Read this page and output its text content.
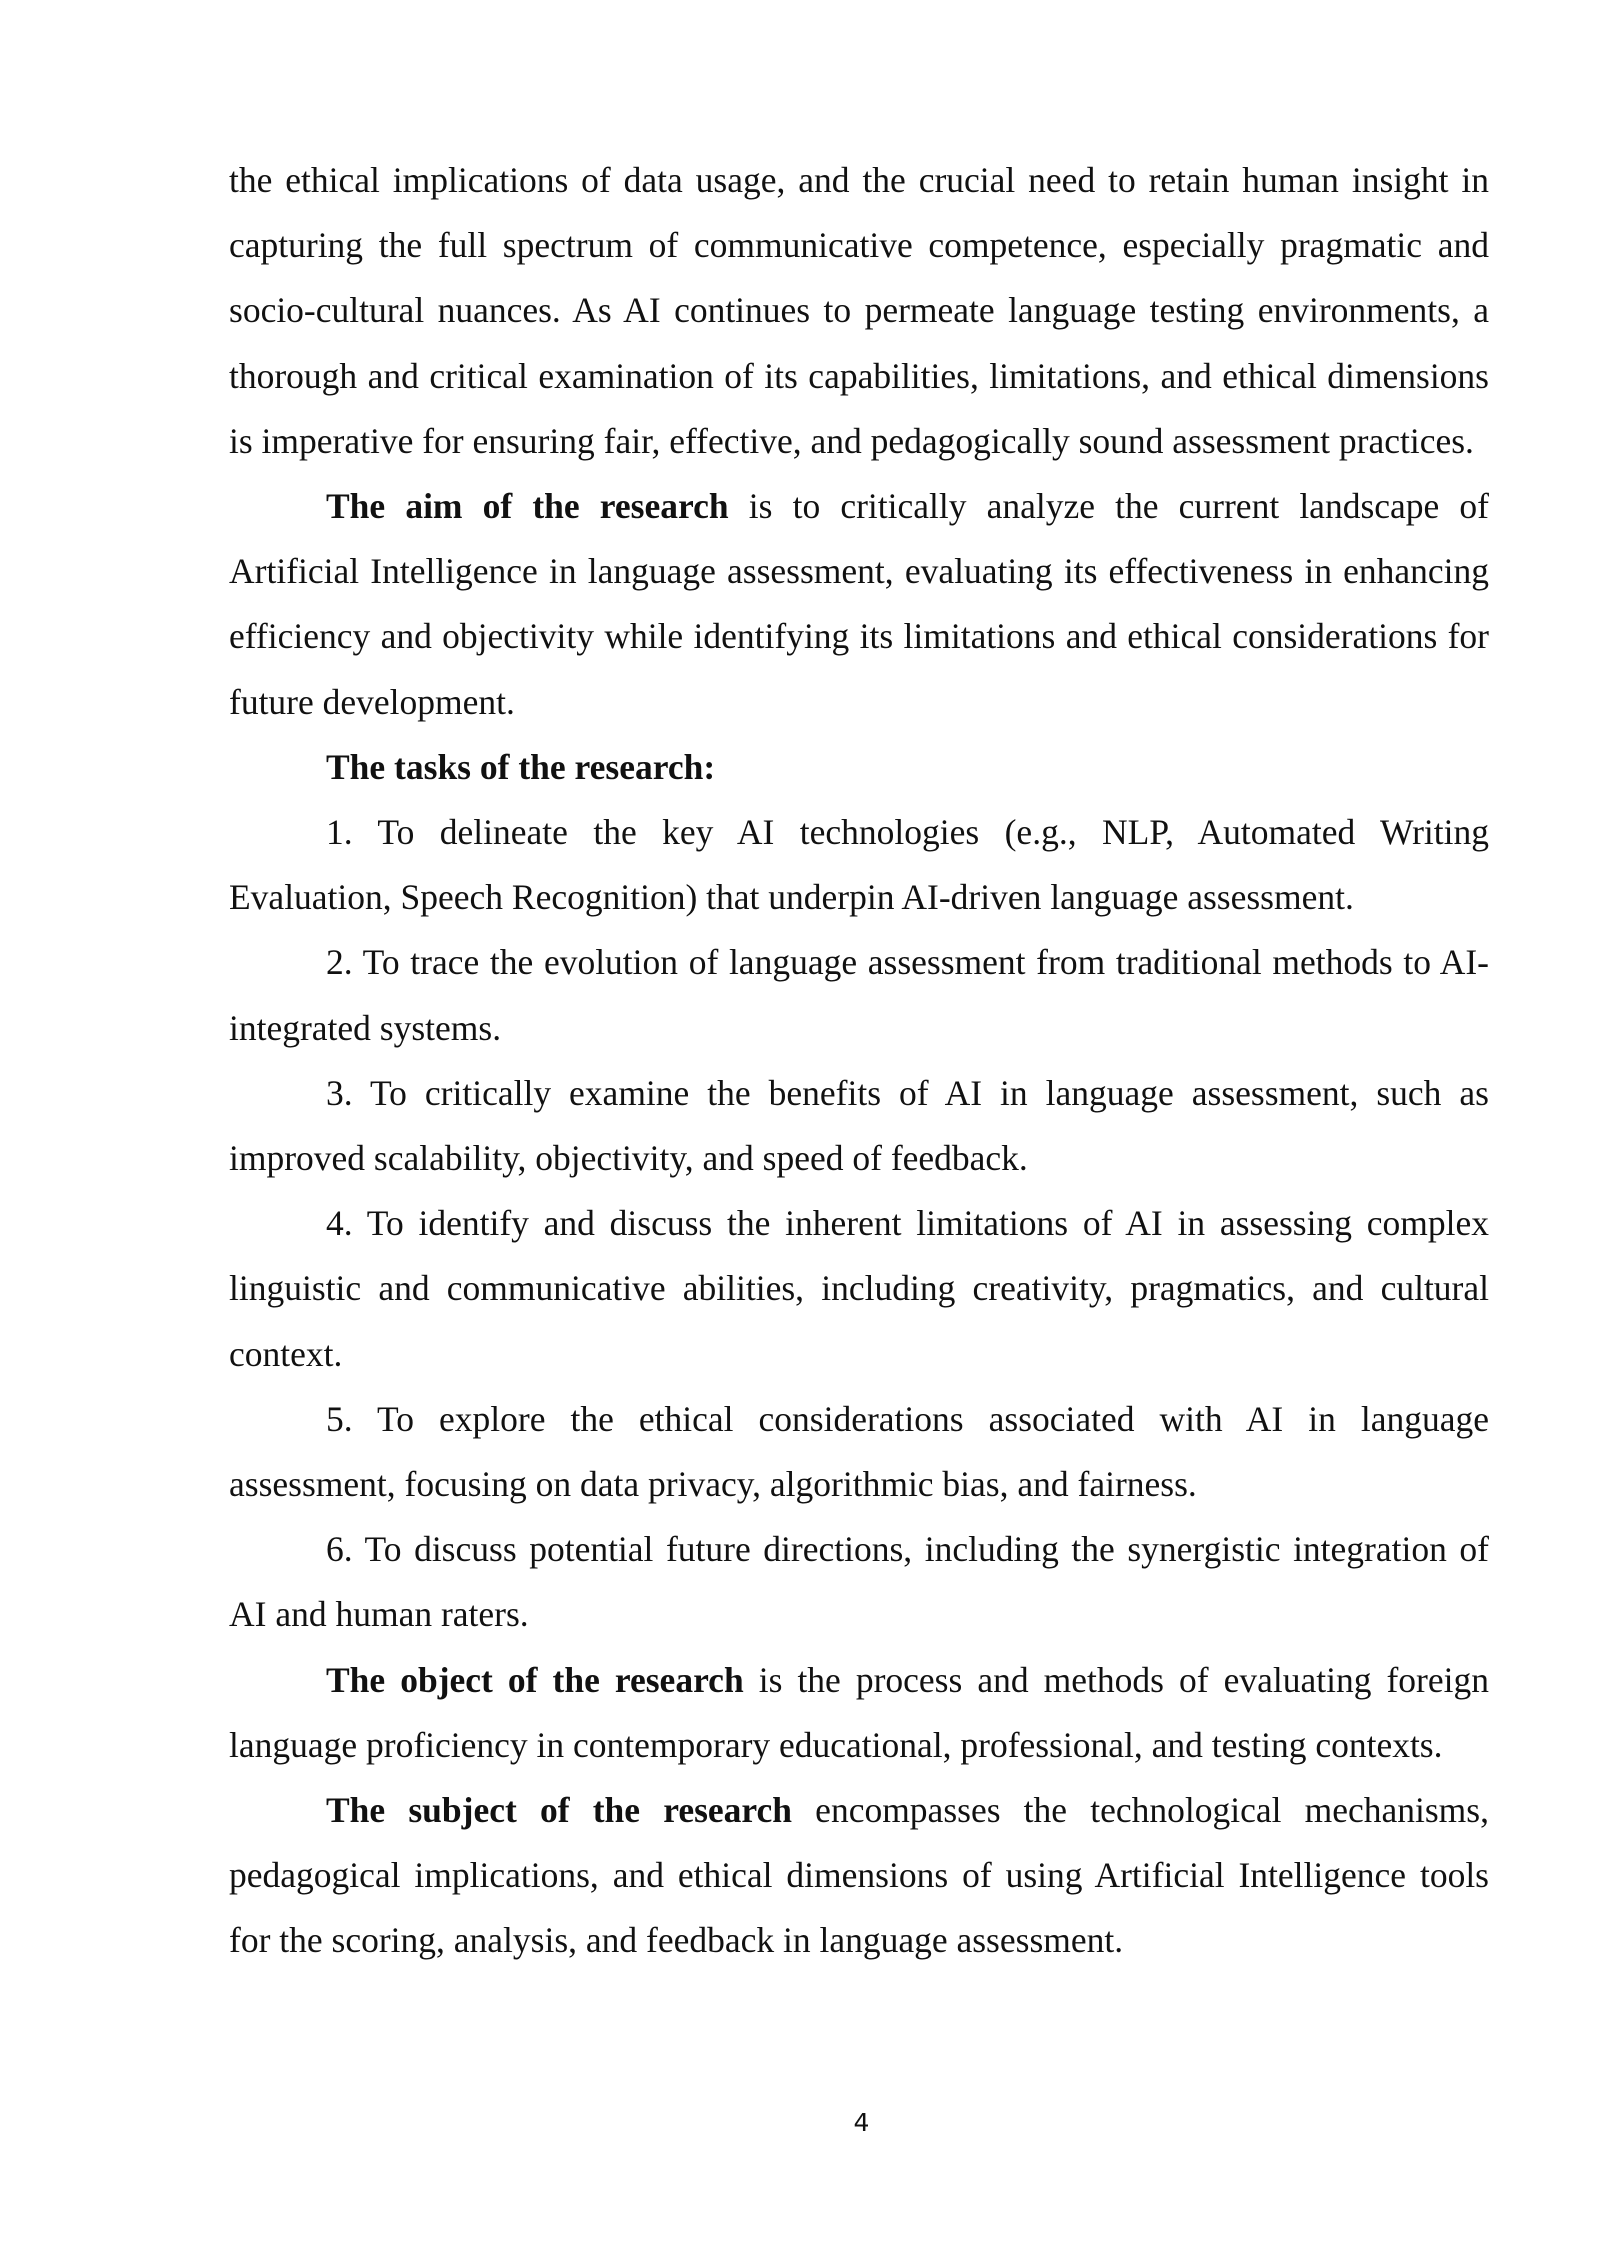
the ethical implications of data usage, and the crucial need to retain human insight in capturing the full spectrum of communicative competence, especially pragmatic and socio-cultural nuances. As AI continues to permeate language testing environments, a thorough and critical examination of its capabilities, limitations, and ethical dimensions is imperative for ensuring fair, effective, and pedagogically sound assessment practices.

The aim of the research is to critically analyze the current landscape of Artificial Intelligence in language assessment, evaluating its effectiveness in enhancing efficiency and objectivity while identifying its limitations and ethical considerations for future development.

The tasks of the research:

1. To delineate the key AI technologies (e.g., NLP, Automated Writing Evaluation, Speech Recognition) that underpin AI-driven language assessment.

2. To trace the evolution of language assessment from traditional methods to AI-integrated systems.

3. To critically examine the benefits of AI in language assessment, such as improved scalability, objectivity, and speed of feedback.

4. To identify and discuss the inherent limitations of AI in assessing complex linguistic and communicative abilities, including creativity, pragmatics, and cultural context.

5. To explore the ethical considerations associated with AI in language assessment, focusing on data privacy, algorithmic bias, and fairness.

6. To discuss potential future directions, including the synergistic integration of AI and human raters.

The object of the research is the process and methods of evaluating foreign language proficiency in contemporary educational, professional, and testing contexts.

The subject of the research encompasses the technological mechanisms, pedagogical implications, and ethical dimensions of using Artificial Intelligence tools for the scoring, analysis, and feedback in language assessment.

4
